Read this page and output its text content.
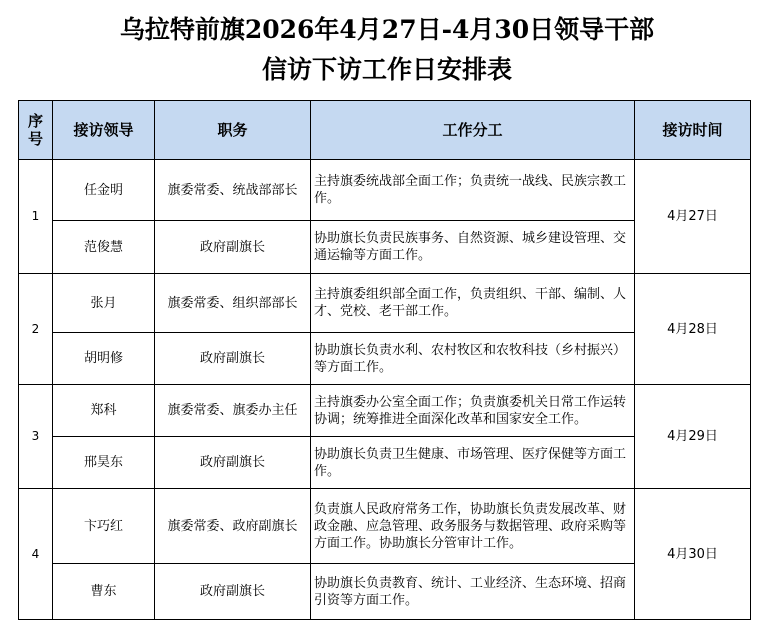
乌拉特前旗2026年4月27日-4月30日领导干部
信访下访工作日安排表
序
号	接访领导	职务	工作分工	接访时间
1	任金明	旗委常委、统战部部长	主持旗委统战部全面工作；负责统一战线、民族宗教工作。	4月27日
	范俊慧	政府副旗长	协助旗长负责民族事务、自然资源、城乡建设管理、交通运输等方面工作。	
2	张月	旗委常委、组织部部长	主持旗委组织部全面工作，负责组织、干部、编制、人才、党校、老干部工作。	4月28日
	胡明修	政府副旗长	协助旗长负责水利、农村牧区和农牧科技（乡村振兴）等方面工作。	
3	郑科	旗委常委、旗委办主任	主持旗委办公室全面工作；负责旗委机关日常工作运转协调；统筹推进全面深化改革和国家安全工作。	4月29日
	邢昊东	政府副旗长	协助旗长负责卫生健康、市场管理、医疗保健等方面工作。	
4	卞巧红	旗委常委、政府副旗长	负责旗人民政府常务工作，协助旗长负责发展改革、财政金融、应急管理、政务服务与数据管理、政府采购等方面工作。协助旗长分管审计工作。	4月30日
	曹东	政府副旗长	协助旗长负责教育、统计、工业经济、生态环境、招商引资等方面工作。	
